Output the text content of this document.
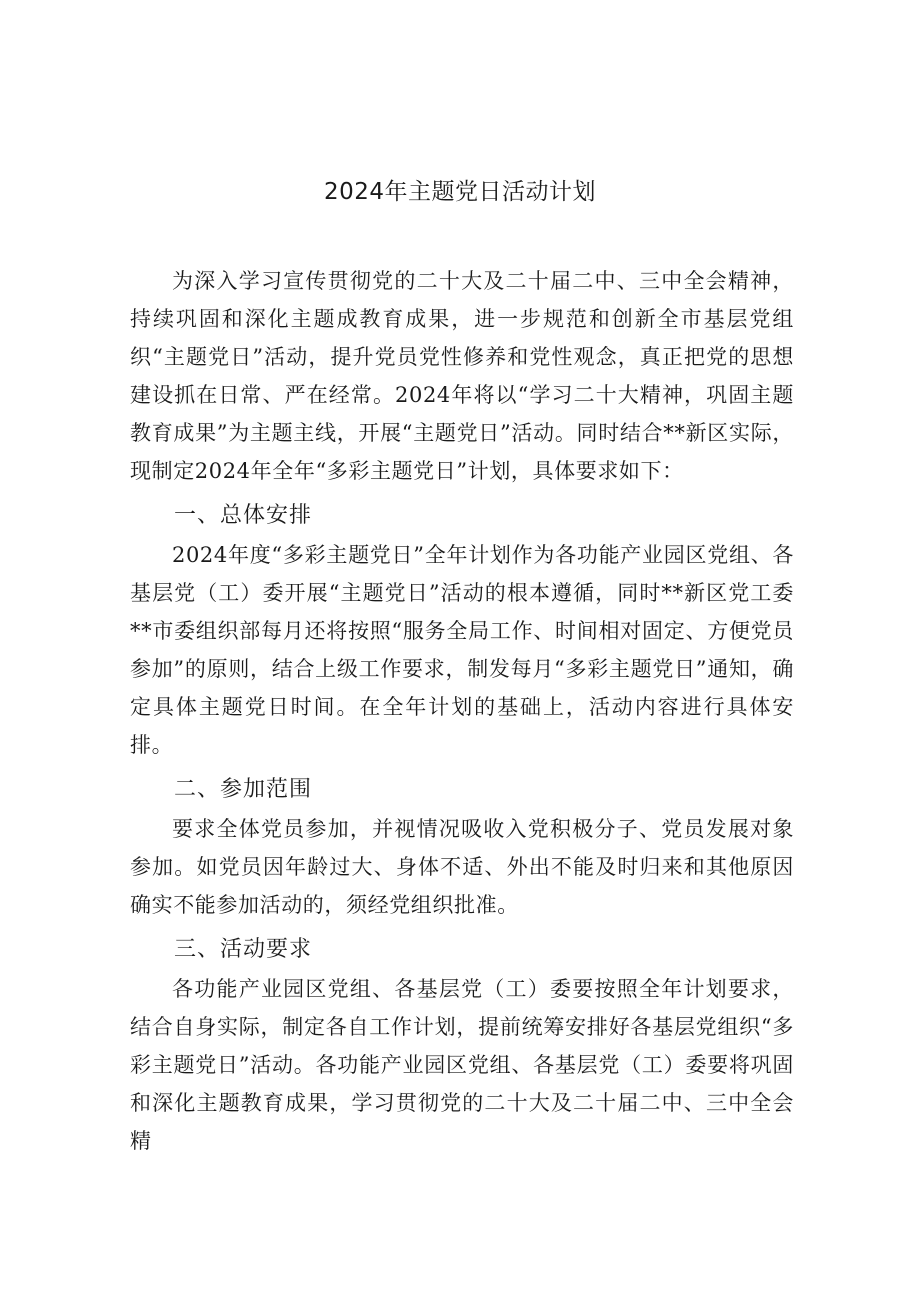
2024年主题党日活动计划

为深入学习宣传贯彻党的二十大及二十届二中、三中全会精神，持续巩固和深化主题成教育成果，进一步规范和创新全市基层党组织“主题党日”活动，提升党员党性修养和党性观念，真正把党的思想建设抓在日常、严在经常。2024年将以“学习二十大精神，巩固主题教育成果”为主题主线，开展“主题党日”活动。同时结合**新区实际，现制定2024年全年“多彩主题党日”计划，具体要求如下：

一、总体安排

2024年度“多彩主题党日”全年计划作为各功能产业园区党组、各基层党（工）委开展“主题党日”活动的根本遵循，同时**新区党工委**市委组织部每月还将按照“服务全局工作、时间相对固定、方便党员参加”的原则，结合上级工作要求，制发每月“多彩主题党日”通知，确定具体主题党日时间。在全年计划的基础上，活动内容进行具体安排。

二、参加范围

要求全体党员参加，并视情况吸收入党积极分子、党员发展对象参加。如党员因年龄过大、身体不适、外出不能及时归来和其他原因确实不能参加活动的，须经党组织批准。

三、活动要求

各功能产业园区党组、各基层党（工）委要按照全年计划要求，结合自身实际，制定各自工作计划，提前统筹安排好各基层党组织“多彩主题党日”活动。各功能产业园区党组、各基层党（工）委要将巩固和深化主题教育成果，学习贯彻党的二十大及二十届二中、三中全会精
